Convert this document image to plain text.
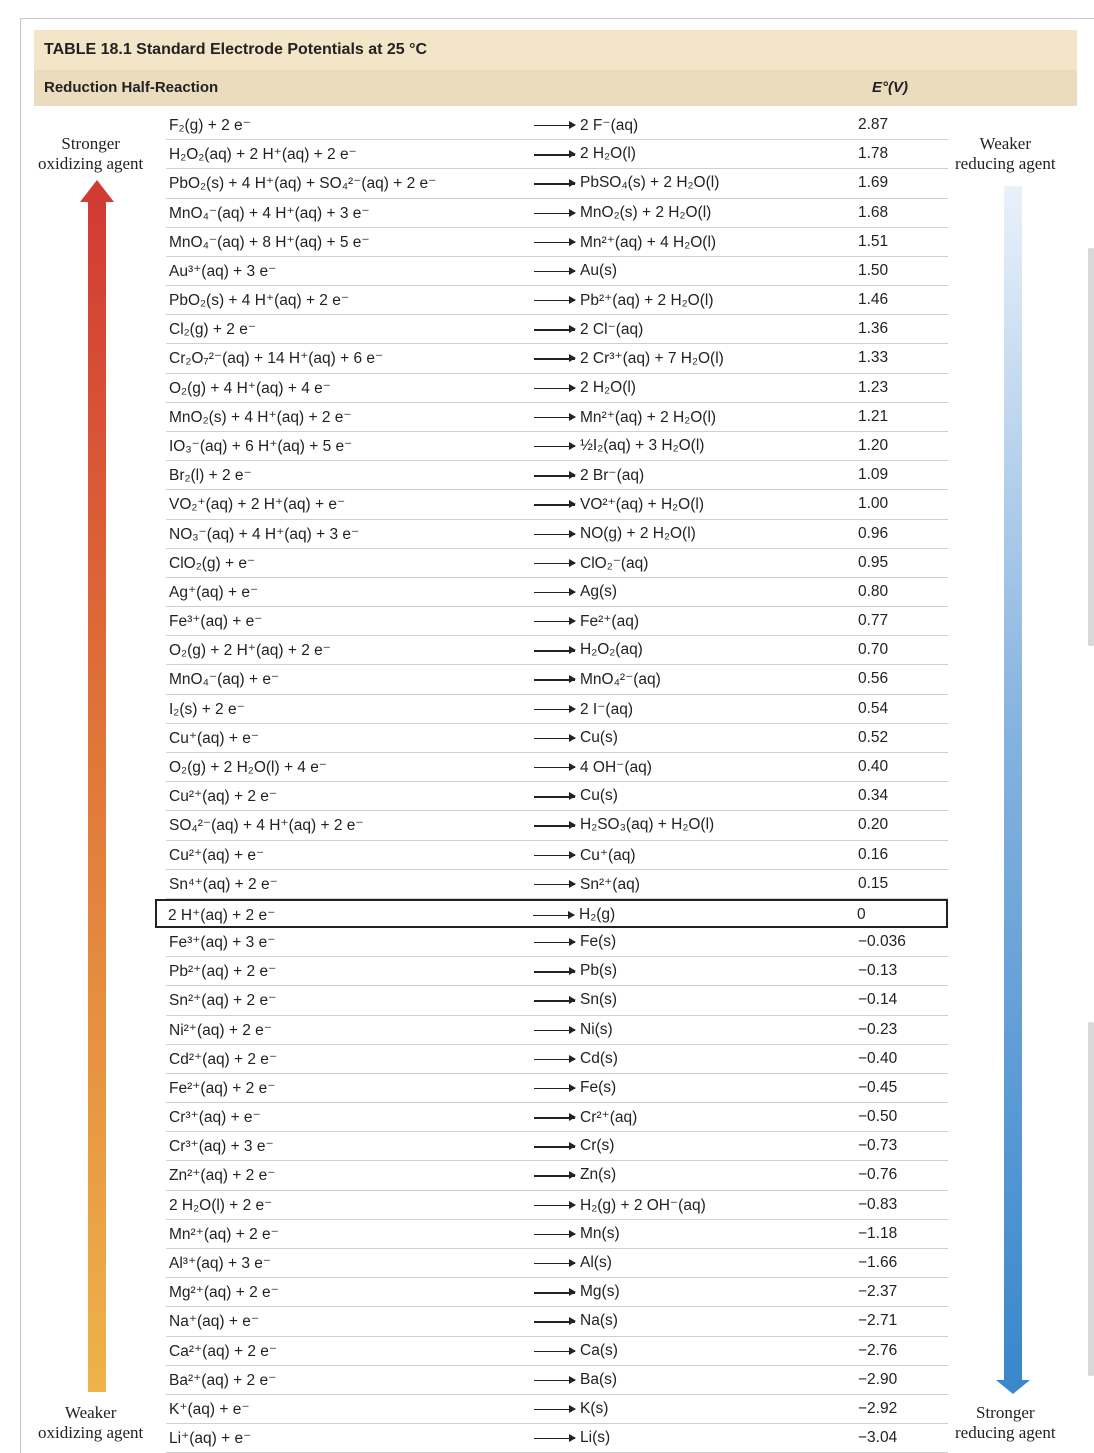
TABLE 18.1 Standard Electrode Potentials at 25 °C
Reduction Half-Reaction	E°(V)
Stronger
oxidizing agent
Weaker
oxidizing agent
Weaker
reducing agent
Stronger
reducing agent
F₂(g) + 2 e⁻	→ 2 F⁻(aq)	2.87
H₂O₂(aq) + 2 H⁺(aq) + 2 e⁻	→ 2 H₂O(l)	1.78
PbO₂(s) + 4 H⁺(aq) + SO₄²⁻(aq) + 2 e⁻	→ PbSO₄(s) + 2 H₂O(l)	1.69
MnO₄⁻(aq) + 4 H⁺(aq) + 3 e⁻	→ MnO₂(s) + 2 H₂O(l)	1.68
MnO₄⁻(aq) + 8 H⁺(aq) + 5 e⁻	→ Mn²⁺(aq) + 4 H₂O(l)	1.51
Au³⁺(aq) + 3 e⁻	→ Au(s)	1.50
PbO₂(s) + 4 H⁺(aq) + 2 e⁻	→ Pb²⁺(aq) + 2 H₂O(l)	1.46
Cl₂(g) + 2 e⁻	→ 2 Cl⁻(aq)	1.36
Cr₂O₇²⁻(aq) + 14 H⁺(aq) + 6 e⁻	→ 2 Cr³⁺(aq) + 7 H₂O(l)	1.33
O₂(g) + 4 H⁺(aq) + 4 e⁻	→ 2 H₂O(l)	1.23
MnO₂(s) + 4 H⁺(aq) + 2 e⁻	→ Mn²⁺(aq) + 2 H₂O(l)	1.21
IO₃⁻(aq) + 6 H⁺(aq) + 5 e⁻	→ ½I₂(aq) + 3 H₂O(l)	1.20
Br₂(l) + 2 e⁻	→ 2 Br⁻(aq)	1.09
VO₂⁺(aq) + 2 H⁺(aq) + e⁻	→ VO²⁺(aq) + H₂O(l)	1.00
NO₃⁻(aq) + 4 H⁺(aq) + 3 e⁻	→ NO(g) + 2 H₂O(l)	0.96
ClO₂(g) + e⁻	→ ClO₂⁻(aq)	0.95
Ag⁺(aq) + e⁻	→ Ag(s)	0.80
Fe³⁺(aq) + e⁻	→ Fe²⁺(aq)	0.77
O₂(g) + 2 H⁺(aq) + 2 e⁻	→ H₂O₂(aq)	0.70
MnO₄⁻(aq) + e⁻	→ MnO₄²⁻(aq)	0.56
I₂(s) + 2 e⁻	→ 2 I⁻(aq)	0.54
Cu⁺(aq) + e⁻	→ Cu(s)	0.52
O₂(g) + 2 H₂O(l) + 4 e⁻	→ 4 OH⁻(aq)	0.40
Cu²⁺(aq) + 2 e⁻	→ Cu(s)	0.34
SO₄²⁻(aq) + 4 H⁺(aq) + 2 e⁻	→ H₂SO₃(aq) + H₂O(l)	0.20
Cu²⁺(aq) + e⁻	→ Cu⁺(aq)	0.16
Sn⁴⁺(aq) + 2 e⁻	→ Sn²⁺(aq)	0.15
2 H⁺(aq) + 2 e⁻	→ H₂(g)	0
Fe³⁺(aq) + 3 e⁻	→ Fe(s)	−0.036
Pb²⁺(aq) + 2 e⁻	→ Pb(s)	−0.13
Sn²⁺(aq) + 2 e⁻	→ Sn(s)	−0.14
Ni²⁺(aq) + 2 e⁻	→ Ni(s)	−0.23
Cd²⁺(aq) + 2 e⁻	→ Cd(s)	−0.40
Fe²⁺(aq) + 2 e⁻	→ Fe(s)	−0.45
Cr³⁺(aq) + e⁻	→ Cr²⁺(aq)	−0.50
Cr³⁺(aq) + 3 e⁻	→ Cr(s)	−0.73
Zn²⁺(aq) + 2 e⁻	→ Zn(s)	−0.76
2 H₂O(l) + 2 e⁻	→ H₂(g) + 2 OH⁻(aq)	−0.83
Mn²⁺(aq) + 2 e⁻	→ Mn(s)	−1.18
Al³⁺(aq) + 3 e⁻	→ Al(s)	−1.66
Mg²⁺(aq) + 2 e⁻	→ Mg(s)	−2.37
Na⁺(aq) + e⁻	→ Na(s)	−2.71
Ca²⁺(aq) + 2 e⁻	→ Ca(s)	−2.76
Ba²⁺(aq) + 2 e⁻	→ Ba(s)	−2.90
K⁺(aq) + e⁻	→ K(s)	−2.92
Li⁺(aq) + e⁻	→ Li(s)	−3.04
